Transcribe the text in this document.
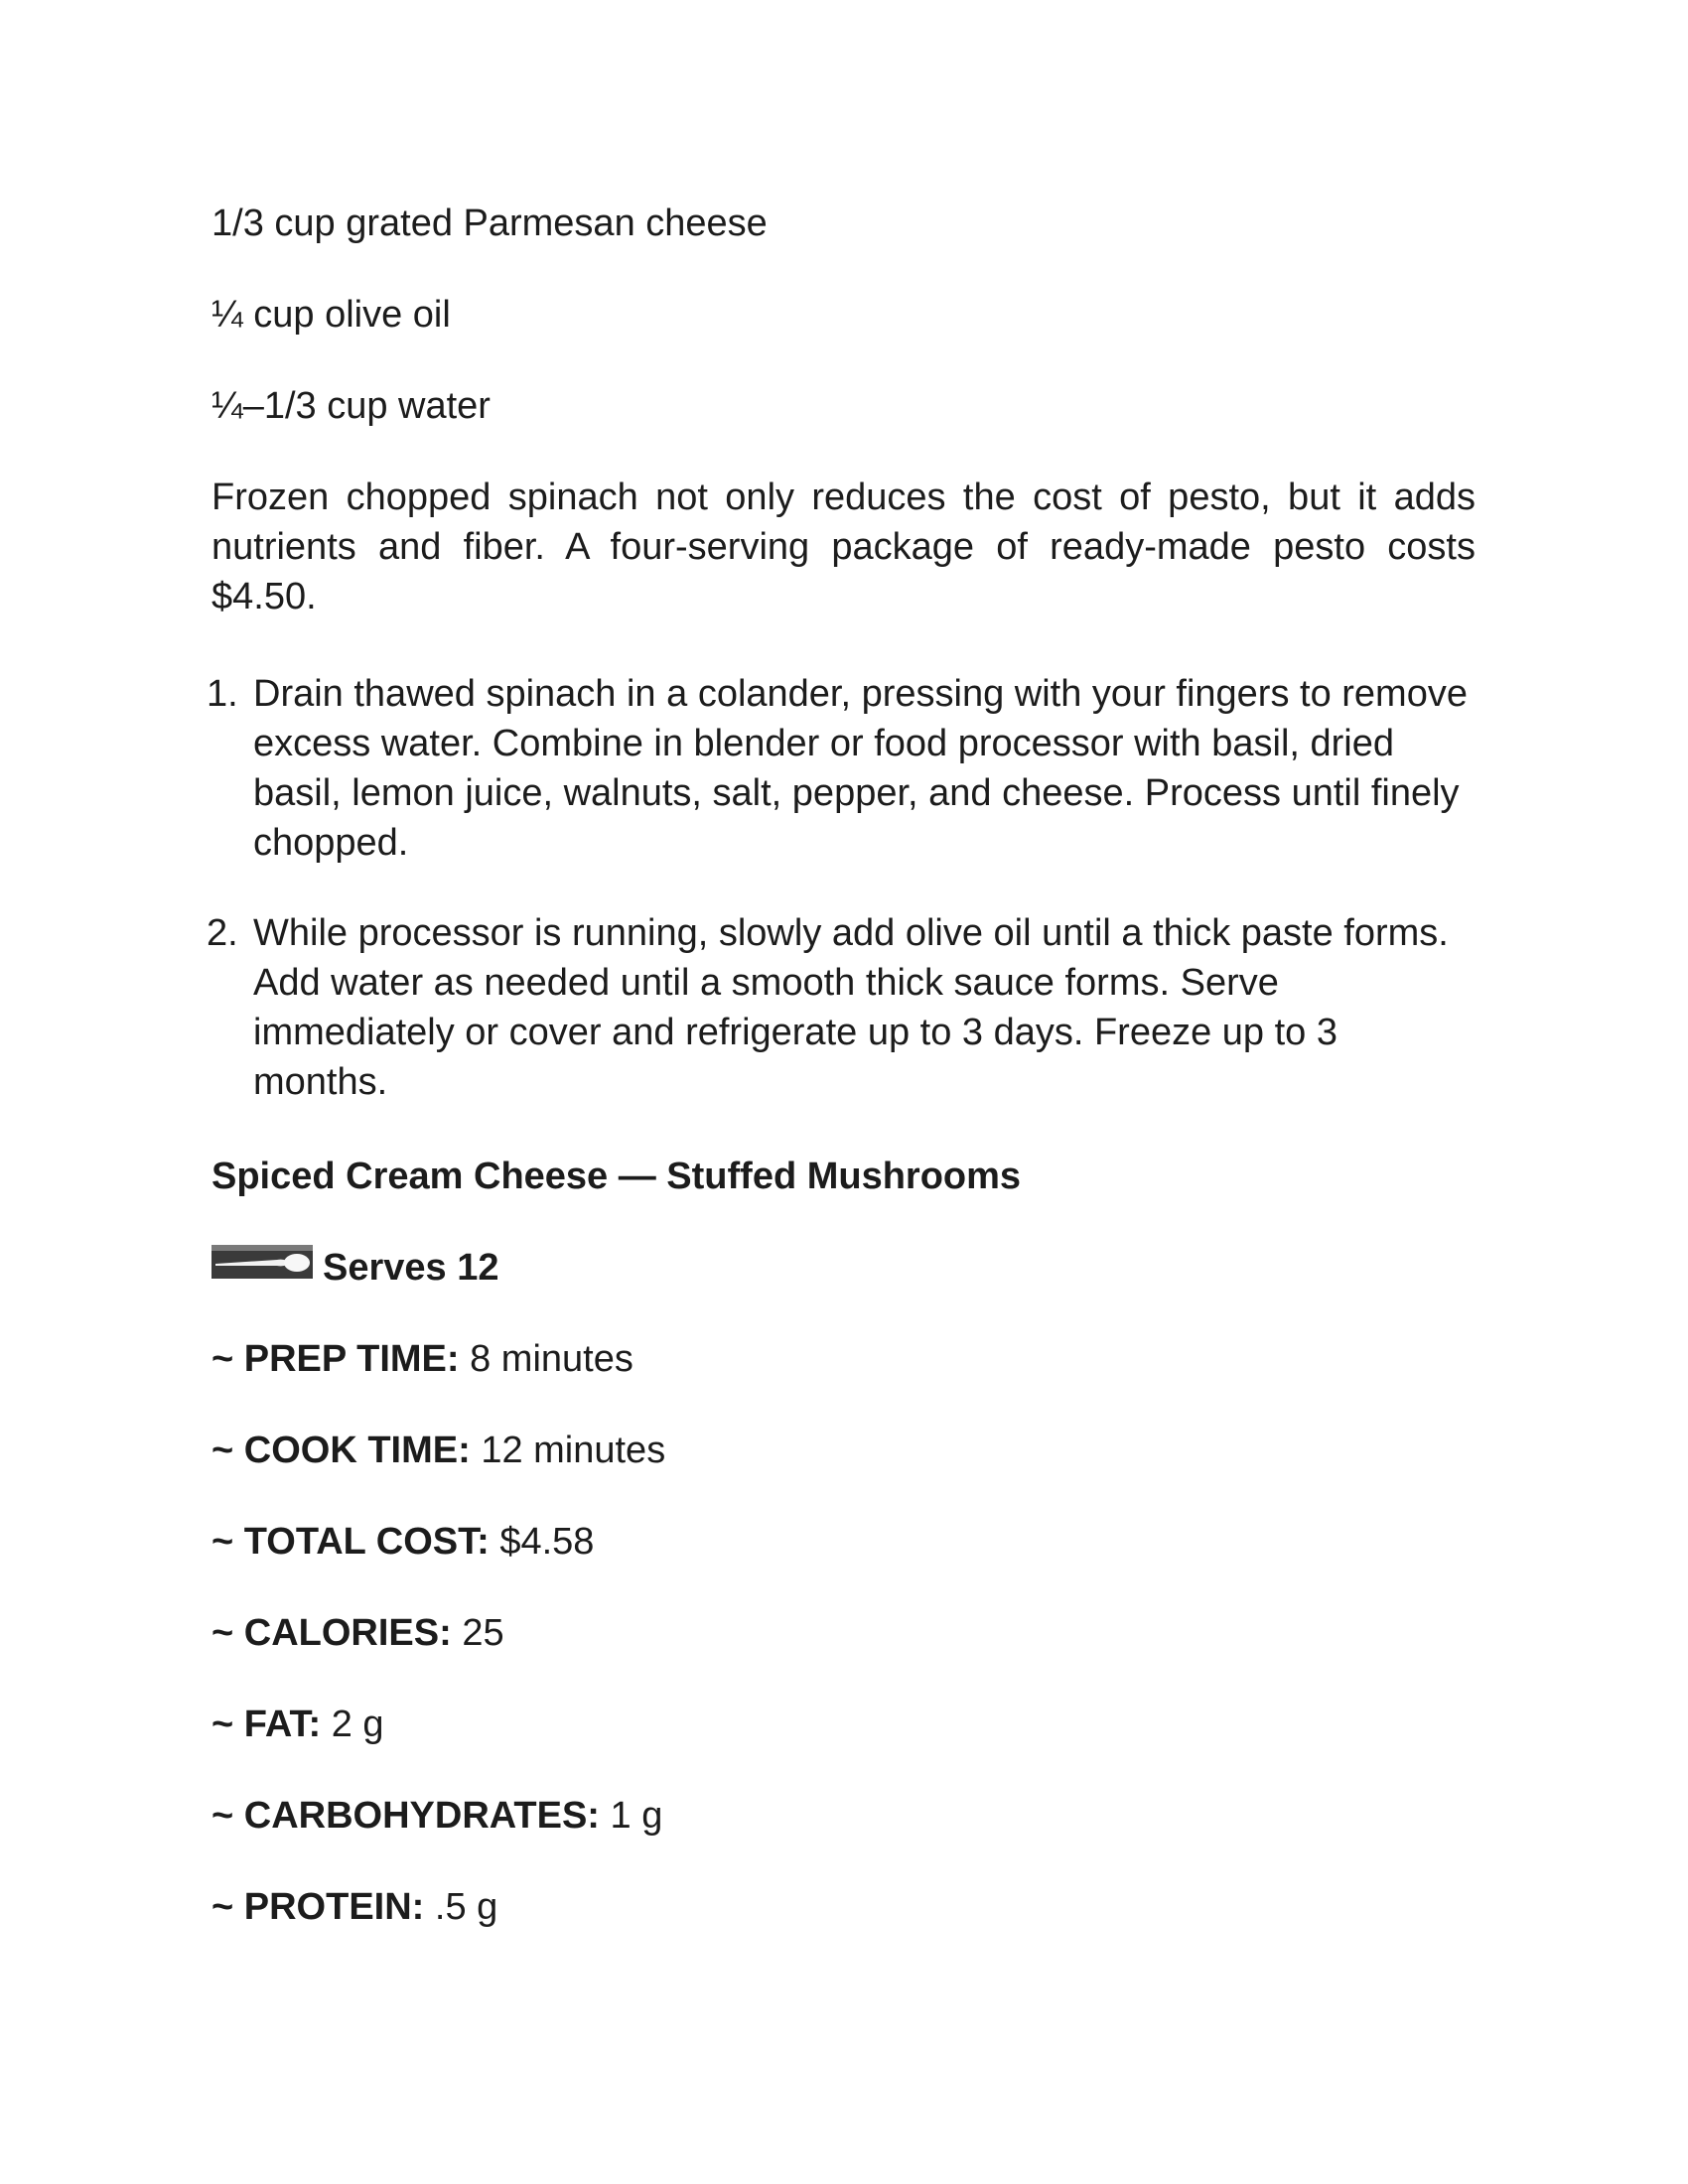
1/3 cup grated Parmesan cheese
¼ cup olive oil
¼–1/3 cup water
Frozen chopped spinach not only reduces the cost of pesto, but it adds nutrients and fiber. A four-serving package of ready-made pesto costs $4.50.
1. Drain thawed spinach in a colander, pressing with your fingers to remove excess water. Combine in blender or food processor with basil, dried basil, lemon juice, walnuts, salt, pepper, and cheese. Process until finely chopped.
2. While processor is running, slowly add olive oil until a thick paste forms. Add water as needed until a smooth thick sauce forms. Serve immediately or cover and refrigerate up to 3 days. Freeze up to 3 months.
Spiced Cream Cheese — Stuffed Mushrooms
Serves 12
~ PREP TIME: 8 minutes
~ COOK TIME: 12 minutes
~ TOTAL COST: $4.58
~ CALORIES: 25
~ FAT: 2 g
~ CARBOHYDRATES: 1 g
~ PROTEIN: .5 g
